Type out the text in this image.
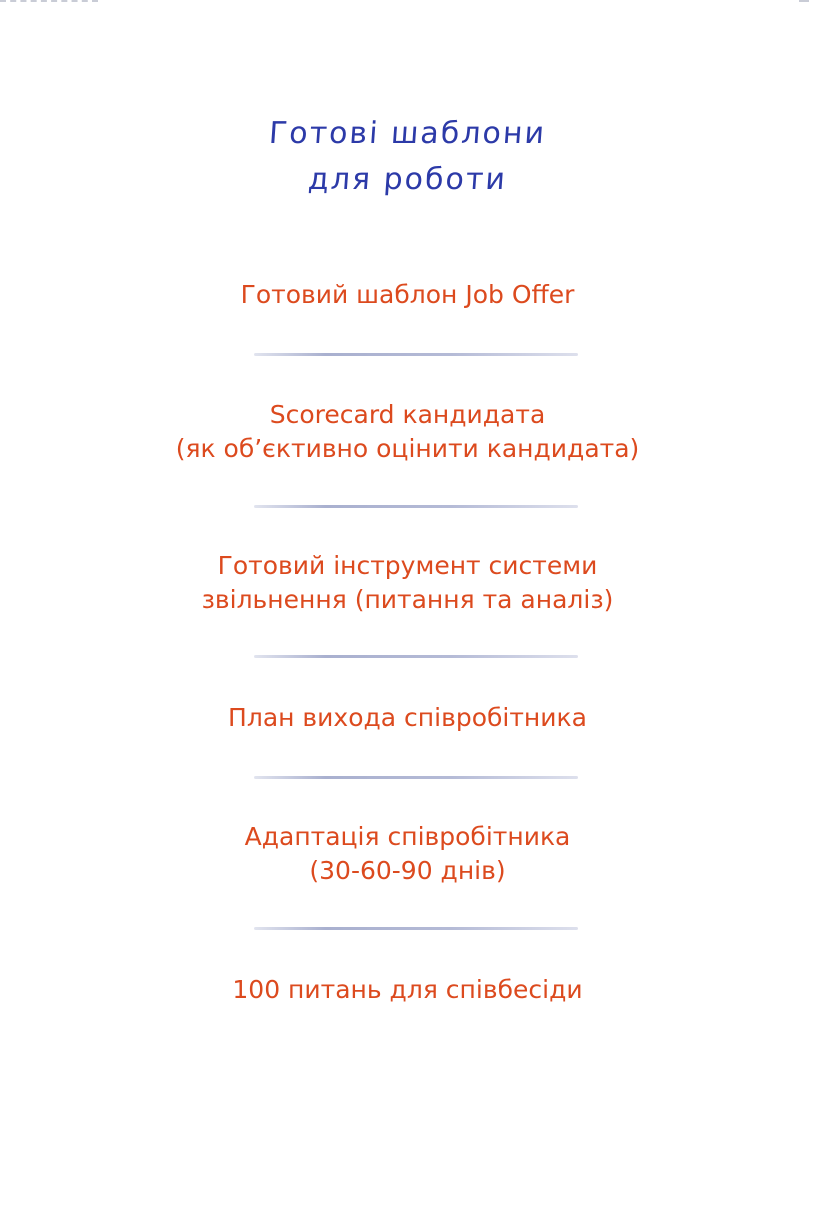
Готові шаблони
для роботи
Готовий шаблон Job Offer
Scorecard кандидата
(як об’єктивно оцінити кандидата)
Готовий інструмент системи
звільнення (питання та аналіз)
План вихода співробітника
Адаптація співробітника
(30-60-90 днів)
100 питань для співбесіди
